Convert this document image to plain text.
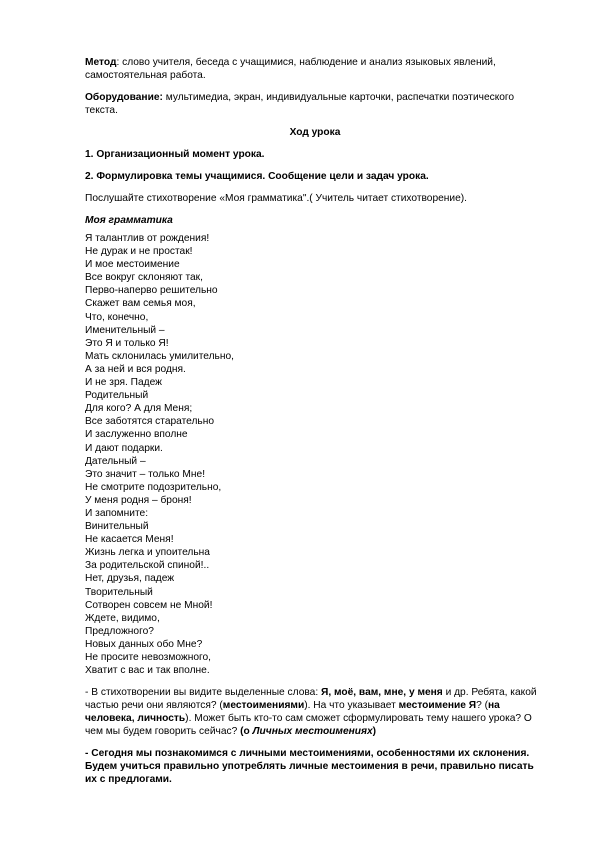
Метод: слово учителя, беседа с учащимися, наблюдение и анализ языковых явлений, самостоятельная работа.

Оборудование: мультимедиа, экран, индивидуальные карточки, распечатки поэтического текста.

Ход урока

1. Организационный момент урока.

2. Формулировка темы учащимися. Сообщение цели и задач урока.

Послушайте стихотворение «Моя грамматика".( Учитель читает стихотворение).

Моя грамматика

Я талантлив от рождения!
Не дурак и не простак!
И мое местоимение
Все вокруг склоняют так,
Перво-наперво решительно
Скажет вам семья моя,
Что, конечно,
Именительный –
Это Я и только Я!
Мать склонилась умилительно,
А за ней и вся родня.
И не зря. Падеж
Родительный
Для кого? А для Меня;
Все заботятся старательно
И заслуженно вполне
И дают подарки.
Дательный –
Это значит – только Мне!
Не смотрите подозрительно,
У меня родня – броня!
И запомните:
Винительный
Не касается Меня!
Жизнь легка и упоительна
За родительской спиной!..
Нет, друзья, падеж
Творительный
Сотворен совсем не Мной!
Ждете, видимо,
Предложного?
Новых данных обо Мне?
Не просите невозможного,
Хватит с вас и так вполне.

- В стихотворении вы видите выделенные слова: Я, моё, вам, мне, у меня и др. Ребята, какой частью речи они являются? (местоимениями). На что указывает местоимение Я? (на человека, личность). Может быть кто-то сам сможет сформулировать тему нашего урока? О чем мы будем говорить сейчас? (о Личных местоимениях)

- Сегодня мы познакомимся с личными местоимениями, особенностями их склонения. Будем учиться правильно употреблять личные местоимения в речи, правильно писать их с предлогами.
